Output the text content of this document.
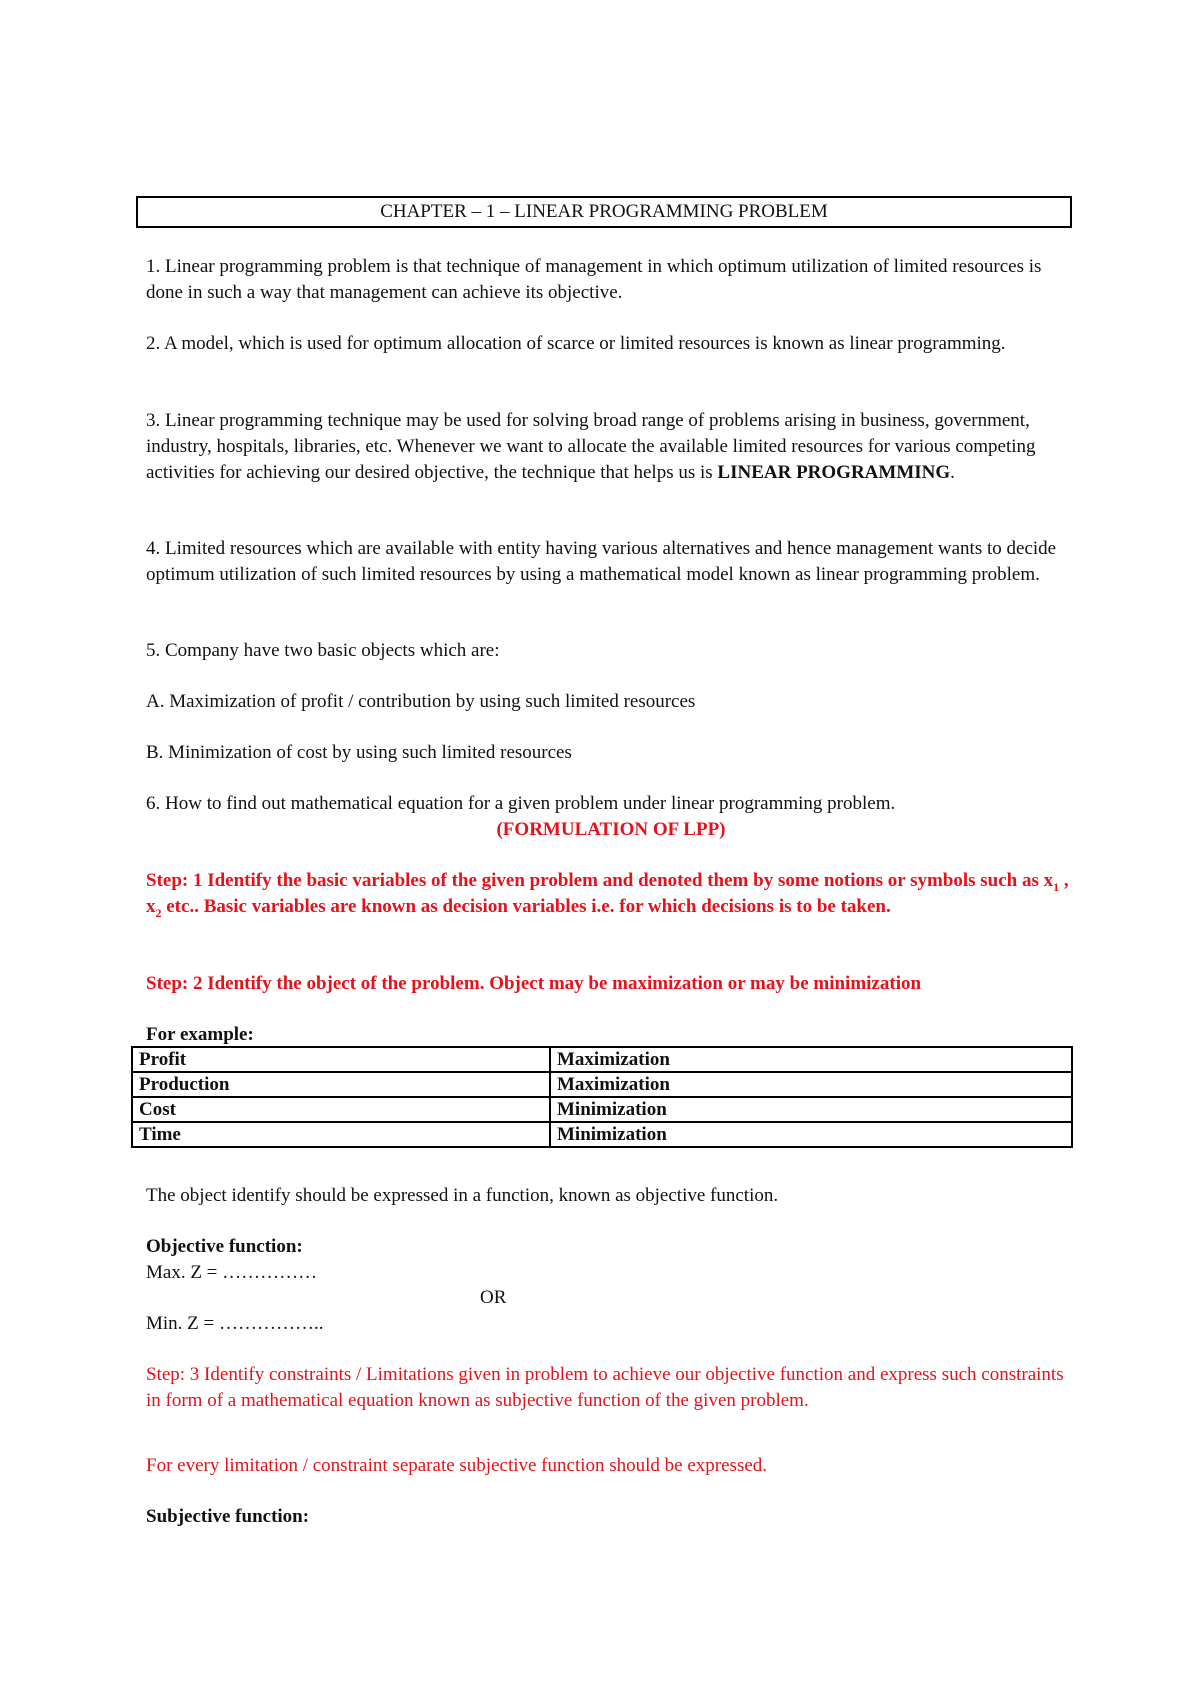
CHAPTER – 1 – LINEAR PROGRAMMING PROBLEM

1. Linear programming problem is that technique of management in which optimum utilization of limited resources is done in such a way that management can achieve its objective.

2. A model, which is used for optimum allocation of scarce or limited resources is known as linear programming.

3. Linear programming technique may be used for solving broad range of problems arising in business, government, industry, hospitals, libraries, etc. Whenever we want to allocate the available limited resources for various competing activities for achieving our desired objective, the technique that helps us is LINEAR PROGRAMMING.

4. Limited resources which are available with entity having various alternatives and hence management wants to decide optimum utilization of such limited resources by using a mathematical model known as linear programming problem.

5. Company have two basic objects which are:

A. Maximization of profit / contribution by using such limited resources

B. Minimization of cost by using such limited resources

6. How to find out mathematical equation for a given problem under linear programming problem.

(FORMULATION OF LPP)

Step: 1 Identify the basic variables of the given problem and denoted them by some notions or symbols such as $x_1$ , $x_2$ etc.. Basic variables are known as decision variables i.e. for which decisions is to be taken.

Step: 2 Identify the object of the problem. Object may be maximization or may be minimization

For example:

Profit	Maximization
Production	Maximization
Cost	Minimization
Time	Minimization

The object identify should be expressed in a function, known as objective function.

Objective function:

Max. Z = ……………

OR

Min. Z = ……………..

Step: 3 Identify constraints / Limitations given in problem to achieve our objective function and express such constraints in form of a mathematical equation known as subjective function of the given problem.

For every limitation / constraint separate subjective function should be expressed.

Subjective function:
